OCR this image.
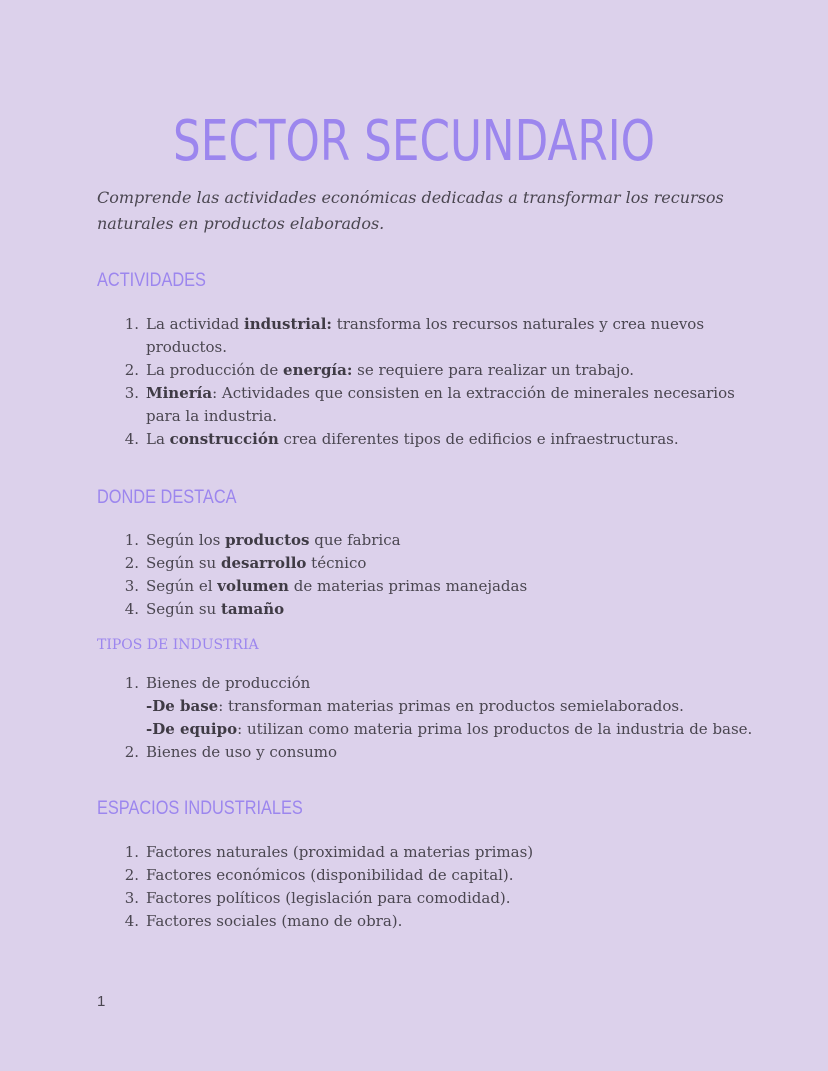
SECTOR SECUNDARIO
Comprende las actividades económicas dedicadas a transformar los recursos naturales en productos elaborados.
ACTIVIDADES
1. La actividad industrial: transforma los recursos naturales y crea nuevos productos.
2. La producción de energía: se requiere para realizar un trabajo.
3. Minería: Actividades que consisten en la extracción de minerales necesarios para la industria.
4. La construcción crea diferentes tipos de edificios e infraestructuras.
DONDE DESTACA
1. Según los productos que fabrica
2. Según su desarrollo técnico
3. Según el volumen de materias primas manejadas
4. Según su tamaño
TIPOS DE INDUSTRIA
1. Bienes de producción
-De base: transforman materias primas en productos semielaborados.
-De equipo: utilizan como materia prima los productos de la industria de base.
2. Bienes de uso y consumo
ESPACIOS INDUSTRIALES
1. Factores naturales (proximidad a materias primas)
2. Factores económicos (disponibilidad de capital).
3. Factores políticos (legislación para comodidad).
4. Factores sociales (mano de obra).
1
